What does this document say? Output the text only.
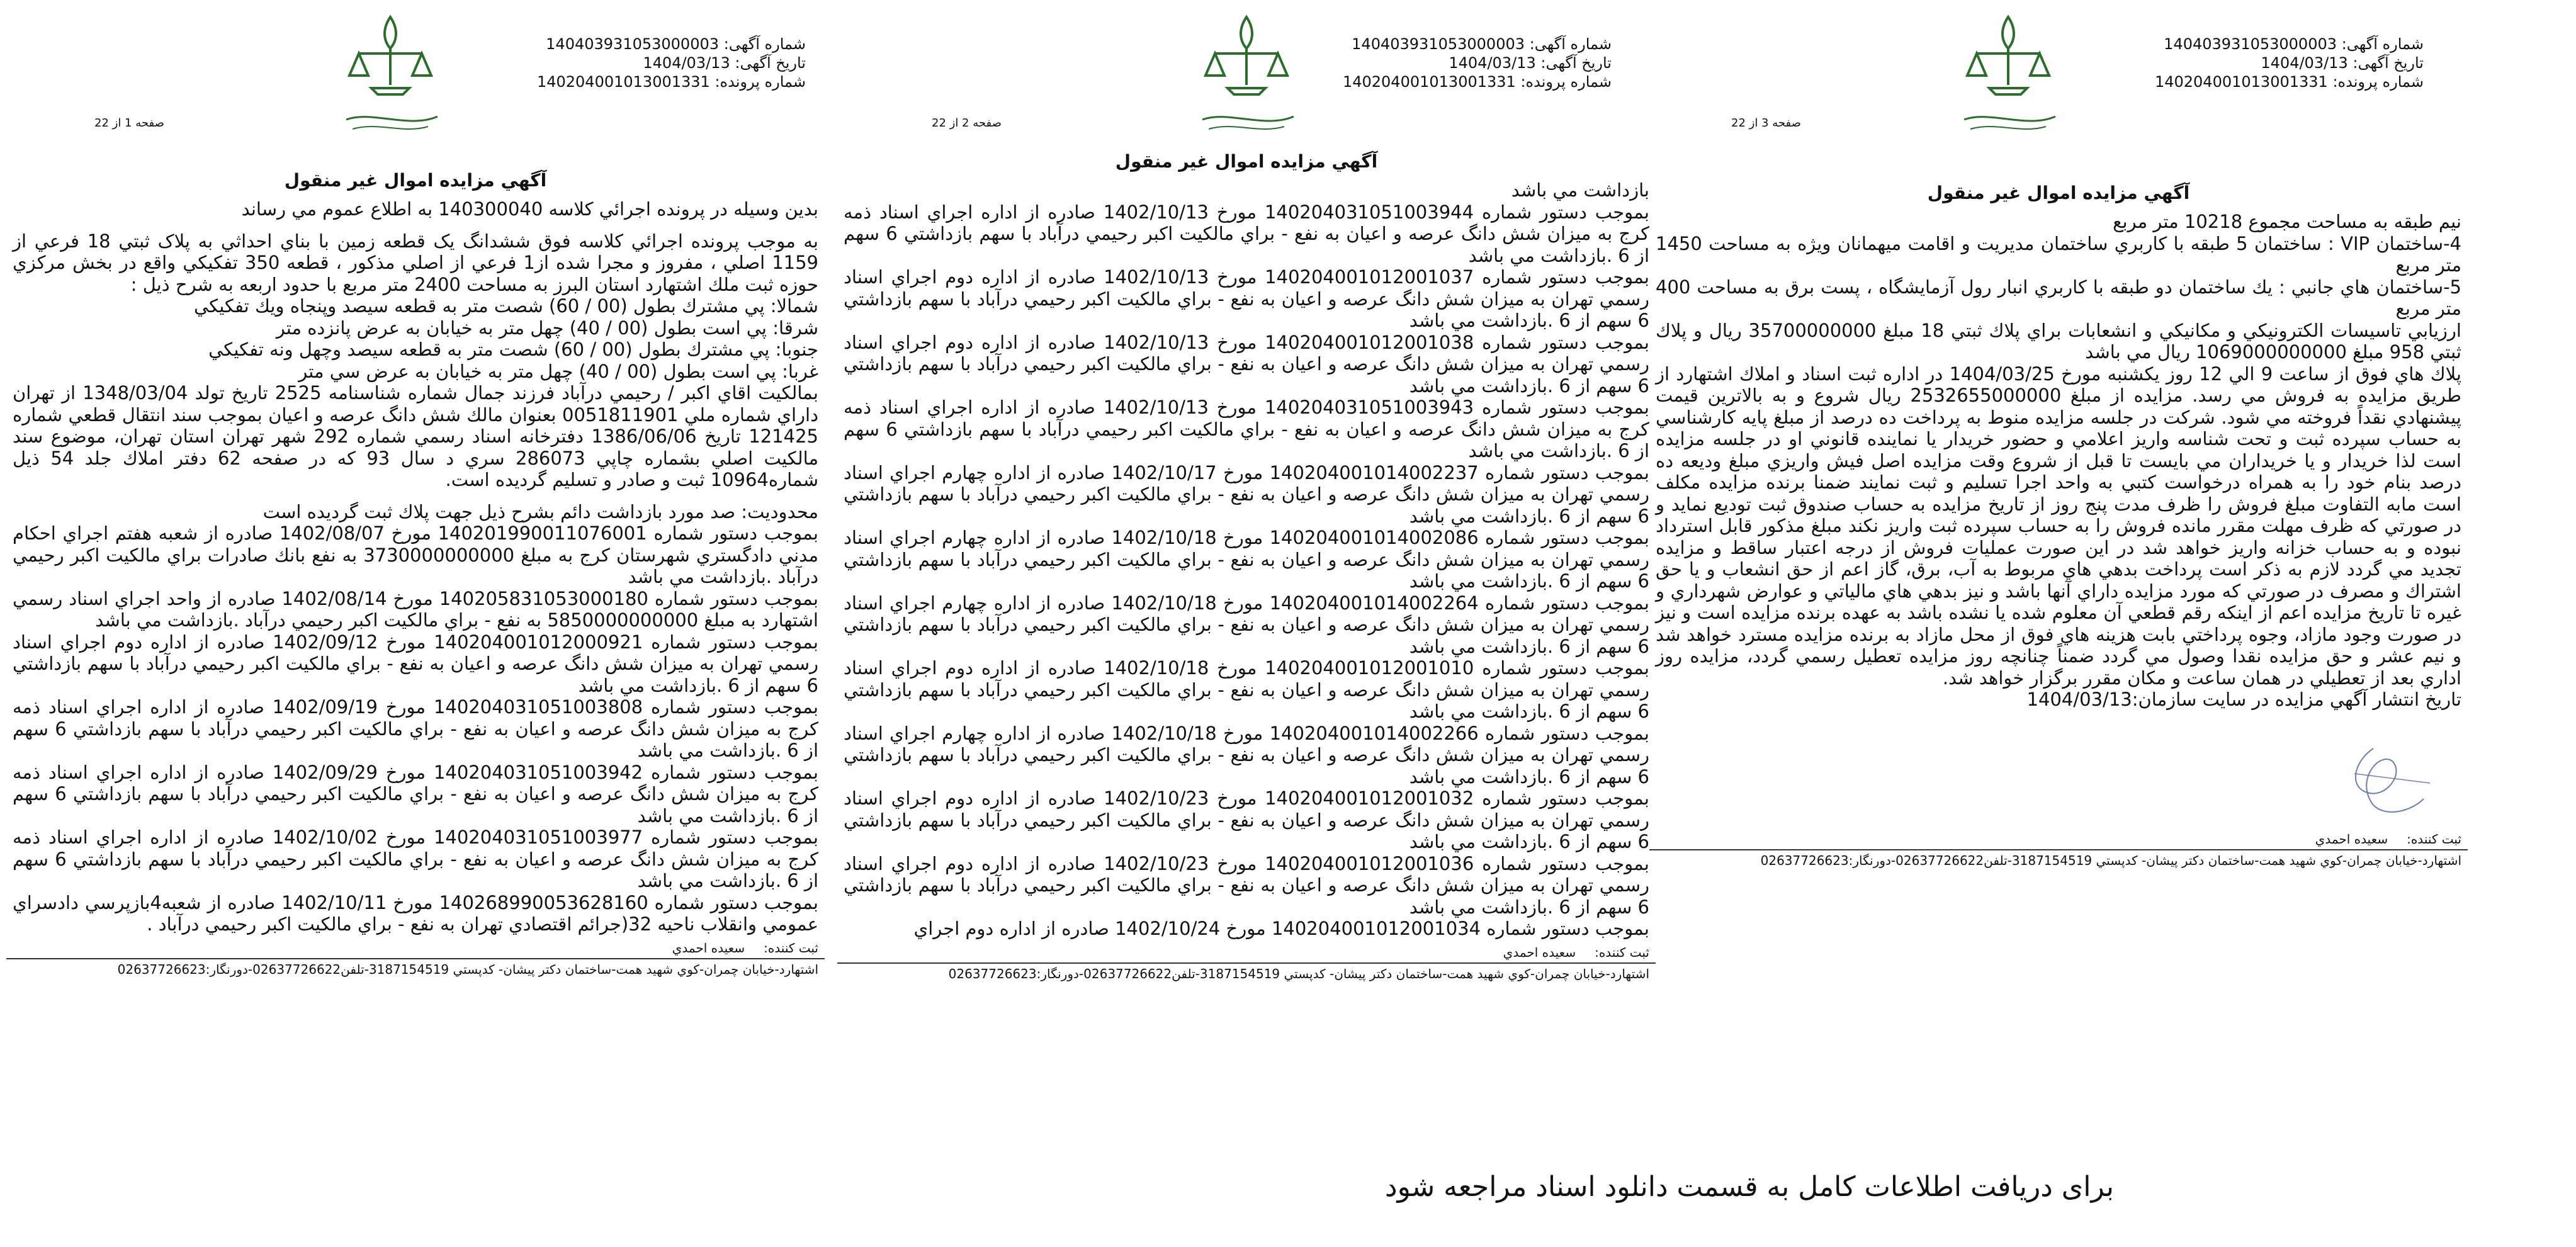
شماره آگهی: 140403931053000003
تاریخ آگهی: 1404/03/13
شماره پرونده: 140204001013001331
صفحه 3 از 22
آگهي مزايده اموال غير منقول

نيم طبقه به مساحت مجموع 10218 متر مربع

4-ساختمان VIP : ساختمان 5 طبقه با كاربري ساختمان مديريت و اقامت ميهمانان ويژه به مساحت 1450 متر مربع

5-ساختمان هاي جانبي : يك ساختمان دو طبقه با كاربري انبار رول آزمايشگاه ، پست برق به مساحت 400 متر مربع

ارزيابي تاسيسات الكترونيكي و مكانيكي و انشعابات براي پلاك ثبتي 18 مبلغ 35700000000 ريال و پلاك ثبتي 958 مبلغ 1069000000000 ريال مي باشد

پلاك هاي فوق از ساعت 9 الي 12 روز يكشنبه مورخ 1404/03/25 در اداره ثبت اسناد و املاك اشتهارد از طريق مزايده به فروش مي رسد. مزايده از مبلغ 2532655000000 ريال شروع و به بالاترين قيمت پيشنهادي نقداً فروخته مي شود. شركت در جلسه مزايده منوط به پرداخت ده درصد از مبلغ پايه كارشناسي به حساب سپرده ثبت و تحت شناسه واريز اعلامي و حضور خريدار يا نماينده قانوني او در جلسه مزايده است لذا خريدار و يا خريداران مي بايست تا قبل از شروع وقت مزايده اصل فيش واريزي مبلغ وديعه ده درصد بنام خود را به همراه درخواست كتبي به واحد اجرا تسليم و ثبت نمايند ضمنا برنده مزايده مكلف است مابه التفاوت مبلغ فروش را ظرف مدت پنج روز از تاريخ مزايده به حساب صندوق ثبت توديع نمايد و در صورتي كه ظرف مهلت مقرر مانده فروش را به حساب سپرده ثبت واريز نكند مبلغ مذكور قابل استرداد نبوده و به حساب خزانه واريز خواهد شد در اين صورت عمليات فروش از درجه اعتبار ساقط و مزايده تجديد مي گردد لازم به ذكر است پرداخت بدهي هاي مربوط به آب، برق، گاز اعم از حق انشعاب و يا حق اشتراك و مصرف در صورتي كه مورد مزايده داراي آنها باشد و نيز بدهي هاي مالياتي و عوارض شهرداري و غيره تا تاريخ مزايده اعم از اينكه رقم قطعي آن معلوم شده يا نشده باشد به عهده برنده مزايده است و نيز در صورت وجود مازاد، وجوه پرداختي بابت هزينه هاي فوق از محل مازاد به برنده مزايده مسترد خواهد شد و نيم عشر و حق مزايده نقدا وصول مي گردد ضمناً چنانچه روز مزايده تعطيل رسمي گردد، مزايده روز اداري بعد از تعطيلي در همان ساعت و مكان مقرر برگزار خواهد شد.

تاريخ انتشار آگهي مزايده در سايت سازمان:1404/03/13

ثبت كننده:سعيده احمدي
اشتهارد-خيابان چمران-كوي شهيد همت-ساختمان دكتر پيشان- كدپستي 3187154519-تلفن02637726622-دورنگار:02637726623
شماره آگهی: 140403931053000003
تاریخ آگهی: 1404/03/13
شماره پرونده: 140204001013001331
صفحه 2 از 22
آگهي مزايده اموال غير منقول

بازداشت مي باشد

بموجب دستور شماره 140204031051003944 مورخ 1402/10/13 صادره از اداره اجراي اسناد ذمه كرج به ميزان شش دانگ عرصه و اعيان به نفع - براي مالكيت اكبر رحيمي درآباد با سهم بازداشتي 6 سهم از 6 .بازداشت مي باشد

بموجب دستور شماره 140204001012001037 مورخ 1402/10/13 صادره از اداره دوم اجراي اسناد رسمي تهران به ميزان شش دانگ عرصه و اعيان به نفع - براي مالكيت اكبر رحيمي درآباد با سهم بازداشتي 6 سهم از 6 .بازداشت مي باشد

بموجب دستور شماره 140204001012001038 مورخ 1402/10/13 صادره از اداره دوم اجراي اسناد رسمي تهران به ميزان شش دانگ عرصه و اعيان به نفع - براي مالكيت اكبر رحيمي درآباد با سهم بازداشتي 6 سهم از 6 .بازداشت مي باشد

بموجب دستور شماره 140204031051003943 مورخ 1402/10/13 صادره از اداره اجراي اسناد ذمه كرج به ميزان شش دانگ عرصه و اعيان به نفع - براي مالكيت اكبر رحيمي درآباد با سهم بازداشتي 6 سهم از 6 .بازداشت مي باشد

بموجب دستور شماره 140204001014002237 مورخ 1402/10/17 صادره از اداره چهارم اجراي اسناد رسمي تهران به ميزان شش دانگ عرصه و اعيان به نفع - براي مالكيت اكبر رحيمي درآباد با سهم بازداشتي 6 سهم از 6 .بازداشت مي باشد

بموجب دستور شماره 140204001014002086 مورخ 1402/10/18 صادره از اداره چهارم اجراي اسناد رسمي تهران به ميزان شش دانگ عرصه و اعيان به نفع - براي مالكيت اكبر رحيمي درآباد با سهم بازداشتي 6 سهم از 6 .بازداشت مي باشد

بموجب دستور شماره 140204001014002264 مورخ 1402/10/18 صادره از اداره چهارم اجراي اسناد رسمي تهران به ميزان شش دانگ عرصه و اعيان به نفع - براي مالكيت اكبر رحيمي درآباد با سهم بازداشتي 6 سهم از 6 .بازداشت مي باشد

بموجب دستور شماره 140204001012001010 مورخ 1402/10/18 صادره از اداره دوم اجراي اسناد رسمي تهران به ميزان شش دانگ عرصه و اعيان به نفع - براي مالكيت اكبر رحيمي درآباد با سهم بازداشتي 6 سهم از 6 .بازداشت مي باشد

بموجب دستور شماره 140204001014002266 مورخ 1402/10/18 صادره از اداره چهارم اجراي اسناد رسمي تهران به ميزان شش دانگ عرصه و اعيان به نفع - براي مالكيت اكبر رحيمي درآباد با سهم بازداشتي 6 سهم از 6 .بازداشت مي باشد

بموجب دستور شماره 140204001012001032 مورخ 1402/10/23 صادره از اداره دوم اجراي اسناد رسمي تهران به ميزان شش دانگ عرصه و اعيان به نفع - براي مالكيت اكبر رحيمي درآباد با سهم بازداشتي 6 سهم از 6 .بازداشت مي باشد

بموجب دستور شماره 140204001012001036 مورخ 1402/10/23 صادره از اداره دوم اجراي اسناد رسمي تهران به ميزان شش دانگ عرصه و اعيان به نفع - براي مالكيت اكبر رحيمي درآباد با سهم بازداشتي 6 سهم از 6 .بازداشت مي باشد

بموجب دستور شماره 140204001012001034 مورخ 1402/10/24 صادره از اداره دوم اجراي

ثبت كننده:سعيده احمدي
اشتهارد-خيابان چمران-كوي شهيد همت-ساختمان دكتر پيشان- كدپستي 3187154519-تلفن02637726622-دورنگار:02637726623
شماره آگهی: 140403931053000003
تاریخ آگهی: 1404/03/13
شماره پرونده: 140204001013001331
صفحه 1 از 22
آگهي مزايده اموال غير منقول

بدين وسيله در پرونده اجرائي كلاسه 140300040 به اطلاع عموم مي رساند

به موجب پرونده اجرائي كلاسه فوق ششدانگ يک قطعه زمين با بناي احداثي به پلاک ثبتي 18 فرعي از 1159 اصلي ، مفروز و مجرا شده از1 فرعي از اصلي مذكور ، قطعه 350 تفكيكي واقع در بخش مركزي حوزه ثبت ملك اشتهارد استان البرز به مساحت 2400 متر مربع با حدود اربعه به شرح ذيل :

شمالا: پي مشترك بطول (00 / 60) شصت متر به قطعه سيصد وپنجاه ويك تفكيكي

شرقا: پي است بطول (00 / 40) چهل متر به خيابان به عرض پانزده متر

جنوبا: پي مشترك بطول (00 / 60) شصت متر به قطعه سيصد وچهل ونه تفكيكي

غربا: پي است بطول (00 / 40) چهل متر به خيابان به عرض سي متر

بمالكيت اقاي اكبر / رحيمي درآباد فرزند جمال شماره شناسنامه 2525 تاريخ تولد 1348/03/04 از تهران داراي شماره ملي 0051811901 بعنوان مالك شش دانگ عرصه و اعيان بموجب سند انتقال قطعي شماره 121425 تاريخ 1386/06/06 دفترخانه اسناد رسمي شماره 292 شهر تهران استان تهران، موضوع سند مالكيت اصلي بشماره چاپي 286073 سري د سال 93 كه در صفحه 62 دفتر املاك جلد 54 ذيل شماره10964 ثبت و صادر و تسليم گرديده است.

محدوديت: صد مورد بازداشت دائم بشرح ذيل جهت پلاك ثبت گرديده است

بموجب دستور شماره 140201990011076001 مورخ 1402/08/07 صادره از شعبه هفتم اجراي احكام مدني دادگستري شهرستان كرج به مبلغ 3730000000000 به نفع بانك صادرات براي مالكيت اكبر رحيمي درآباد .بازداشت مي باشد

بموجب دستور شماره 140205831053000180 مورخ 1402/08/14 صادره از واحد اجراي اسناد رسمي اشتهارد به مبلغ 5850000000000 به نفع - براي مالكيت اكبر رحيمي درآباد .بازداشت مي باشد

بموجب دستور شماره 140204001012000921 مورخ 1402/09/12 صادره از اداره دوم اجراي اسناد رسمي تهران به ميزان شش دانگ عرصه و اعيان به نفع - براي مالكيت اكبر رحيمي درآباد با سهم بازداشتي 6 سهم از 6 .بازداشت مي باشد

بموجب دستور شماره 140204031051003808 مورخ 1402/09/19 صادره از اداره اجراي اسناد ذمه كرج به ميزان شش دانگ عرصه و اعيان به نفع - براي مالكيت اكبر رحيمي درآباد با سهم بازداشتي 6 سهم از 6 .بازداشت مي باشد

بموجب دستور شماره 140204031051003942 مورخ 1402/09/29 صادره از اداره اجراي اسناد ذمه كرج به ميزان شش دانگ عرصه و اعيان به نفع - براي مالكيت اكبر رحيمي درآباد با سهم بازداشتي 6 سهم از 6 .بازداشت مي باشد

بموجب دستور شماره 140204031051003977 مورخ 1402/10/02 صادره از اداره اجراي اسناد ذمه كرج به ميزان شش دانگ عرصه و اعيان به نفع - براي مالكيت اكبر رحيمي درآباد با سهم بازداشتي 6 سهم از 6 .بازداشت مي باشد

بموجب دستور شماره 140268990053628160 مورخ 1402/10/11 صادره از شعبه4بازپرسي دادسراي عمومي وانقلاب ناحيه 32(جرائم اقتصادي تهران به نفع - براي مالكيت اكبر رحيمي درآباد .

ثبت كننده:سعيده احمدي
اشتهارد-خيابان چمران-كوي شهيد همت-ساختمان دكتر پيشان- كدپستي 3187154519-تلفن02637726622-دورنگار:02637726623
برای دریافت اطلاعات کامل به قسمت دانلود اسناد مراجعه شود
